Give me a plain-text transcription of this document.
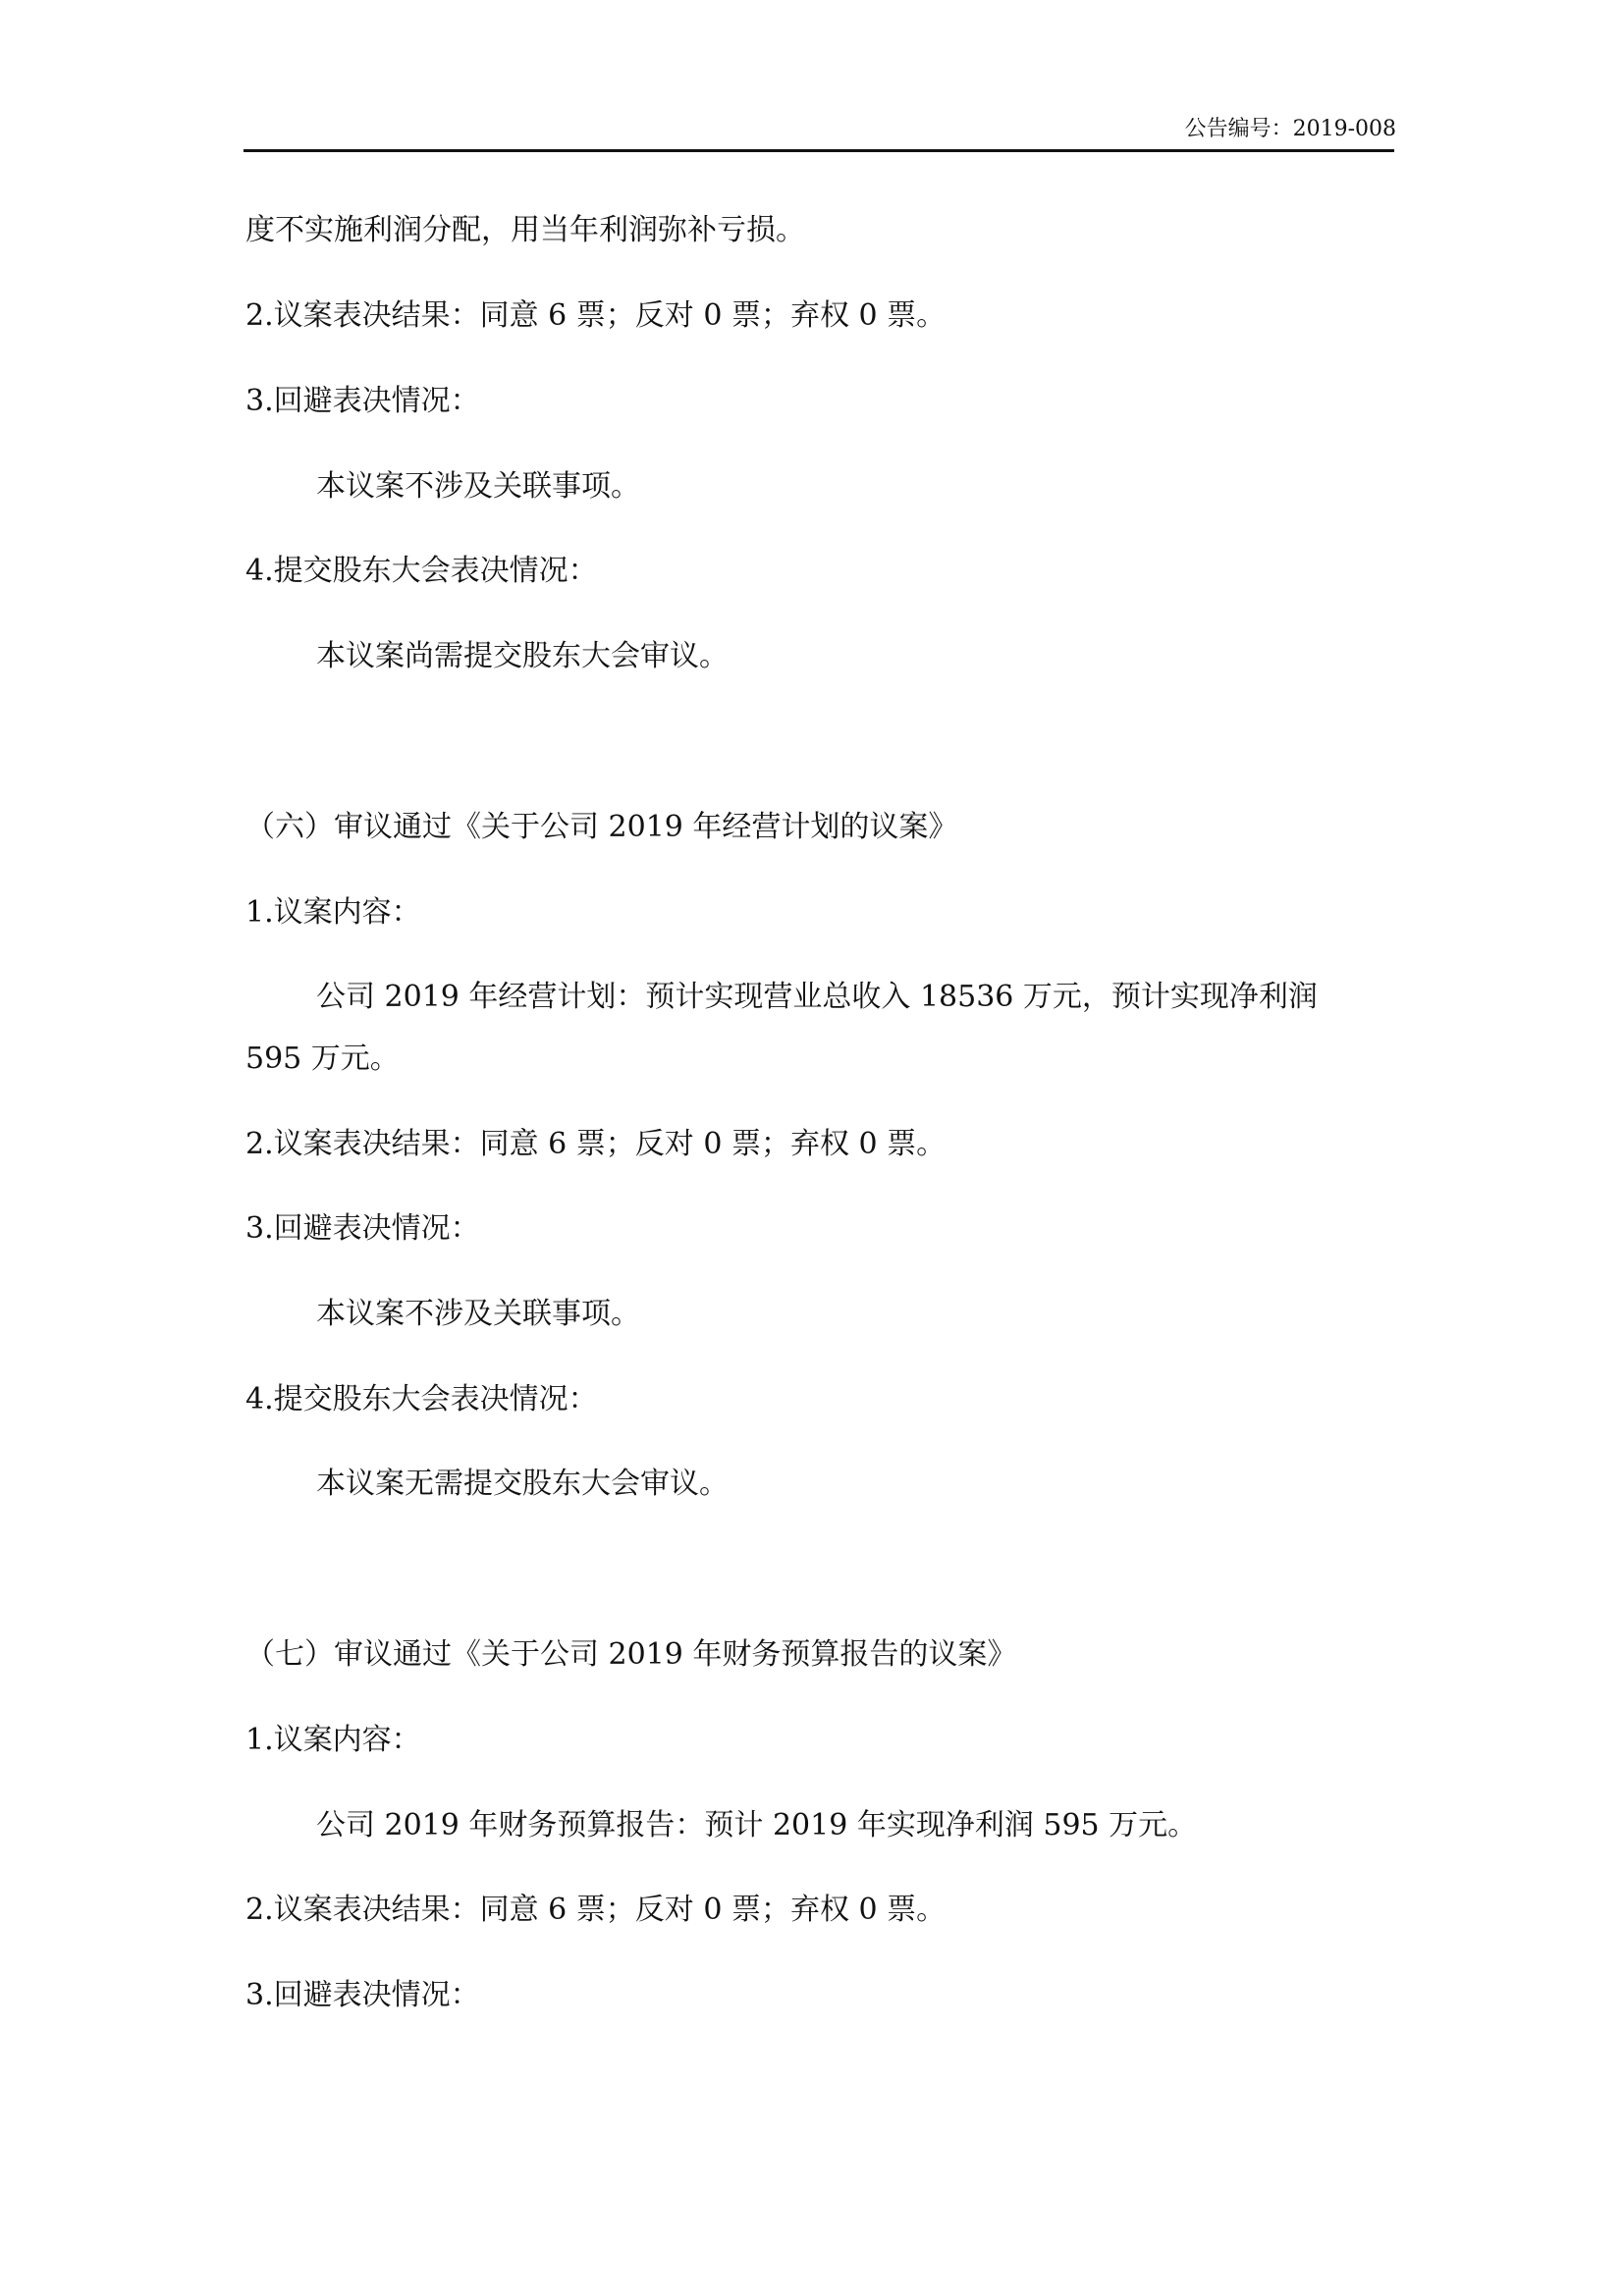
公告编号：2019-008
度不实施利润分配，用当年利润弥补亏损。
2.议案表决结果：同意 6 票；反对 0 票；弃权 0 票。
3.回避表决情况：
本议案不涉及关联事项。
4.提交股东大会表决情况：
本议案尚需提交股东大会审议。
（六）审议通过《关于公司 2019 年经营计划的议案》
1.议案内容：
公司 2019 年经营计划：预计实现营业总收入 18536 万元，预计实现净利润
595 万元。
2.议案表决结果：同意 6 票；反对 0 票；弃权 0 票。
3.回避表决情况：
本议案不涉及关联事项。
4.提交股东大会表决情况：
本议案无需提交股东大会审议。
（七）审议通过《关于公司 2019 年财务预算报告的议案》
1.议案内容：
公司 2019 年财务预算报告：预计 2019 年实现净利润 595 万元。
2.议案表决结果：同意 6 票；反对 0 票；弃权 0 票。
3.回避表决情况：
